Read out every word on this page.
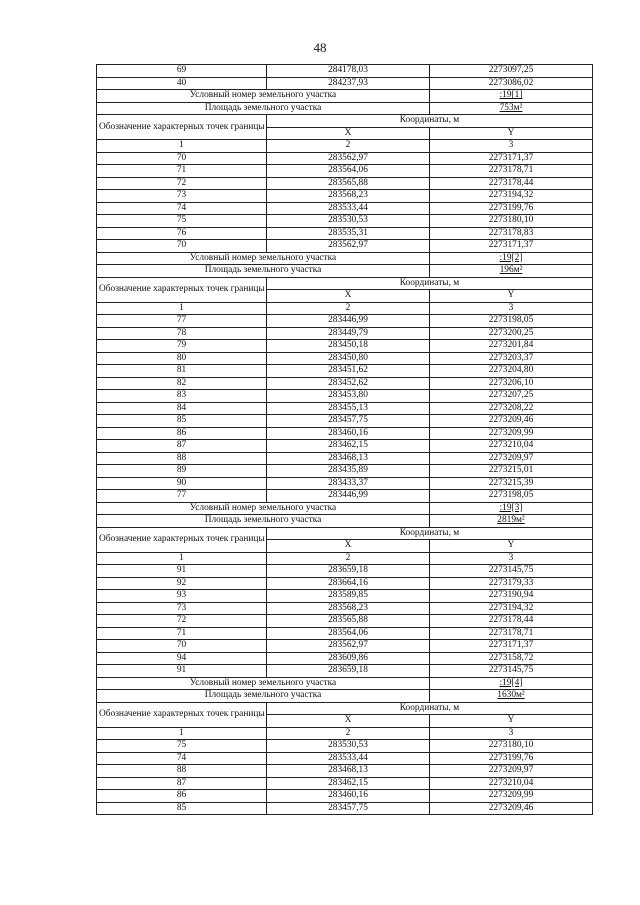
48
69	284178,03	2273097,25
40	284237,93	2273086,02
Условный номер земельного участка		:19[1]
Площадь земельного участка		753м²
Обозначение характерных точек границы	Координаты, м	
	X	Y
1	2	3
70	283562,97	2273171,37
71	283564,06	2273178,71
72	283565,88	2273178,44
73	283568,23	2273194,32
74	283533,44	2273199,76
75	283530,53	2273180,10
76	283535,31	2273178,83
70	283562,97	2273171,37
Условный номер земельного участка		:19[2]
Площадь земельного участка		196м²
Обозначение характерных точек границы	Координаты, м	
	X	Y
1	2	3
77	283446,99	2273198,05
78	283449,79	2273200,25
79	283450,18	2273201,84
80	283450,80	2273203,37
81	283451,62	2273204,80
82	283452,62	2273206,10
83	283453,80	2273207,25
84	283455,13	2273208,22
85	283457,75	2273209,46
86	283460,16	2273209,99
87	283462,15	2273210,04
88	283468,13	2273209,97
89	283435,89	2273215,01
90	283433,37	2273215,39
77	283446,99	2273198,05
Условный номер земельного участка		:19[3]
Площадь земельного участка		2819м²
Обозначение характерных точек границы	Координаты, м	
	X	Y
1	2	3
91	283659,18	2273145,75
92	283664,16	2273179,33
93	283589,85	2273190,94
73	283568,23	2273194,32
72	283565,88	2273178,44
71	283564,06	2273178,71
70	283562,97	2273171,37
94	283609,86	2273158,72
91	283659,18	2273145,75
Условный номер земельного участка		:19[4]
Площадь земельного участка		1630м²
Обозначение характерных точек границы	Координаты, м	
	X	Y
1	2	3
75	283530,53	2273180,10
74	283533,44	2273199,76
88	283468,13	2273209,97
87	283462,15	2273210,04
86	283460,16	2273209,99
85	283457,75	2273209,46
